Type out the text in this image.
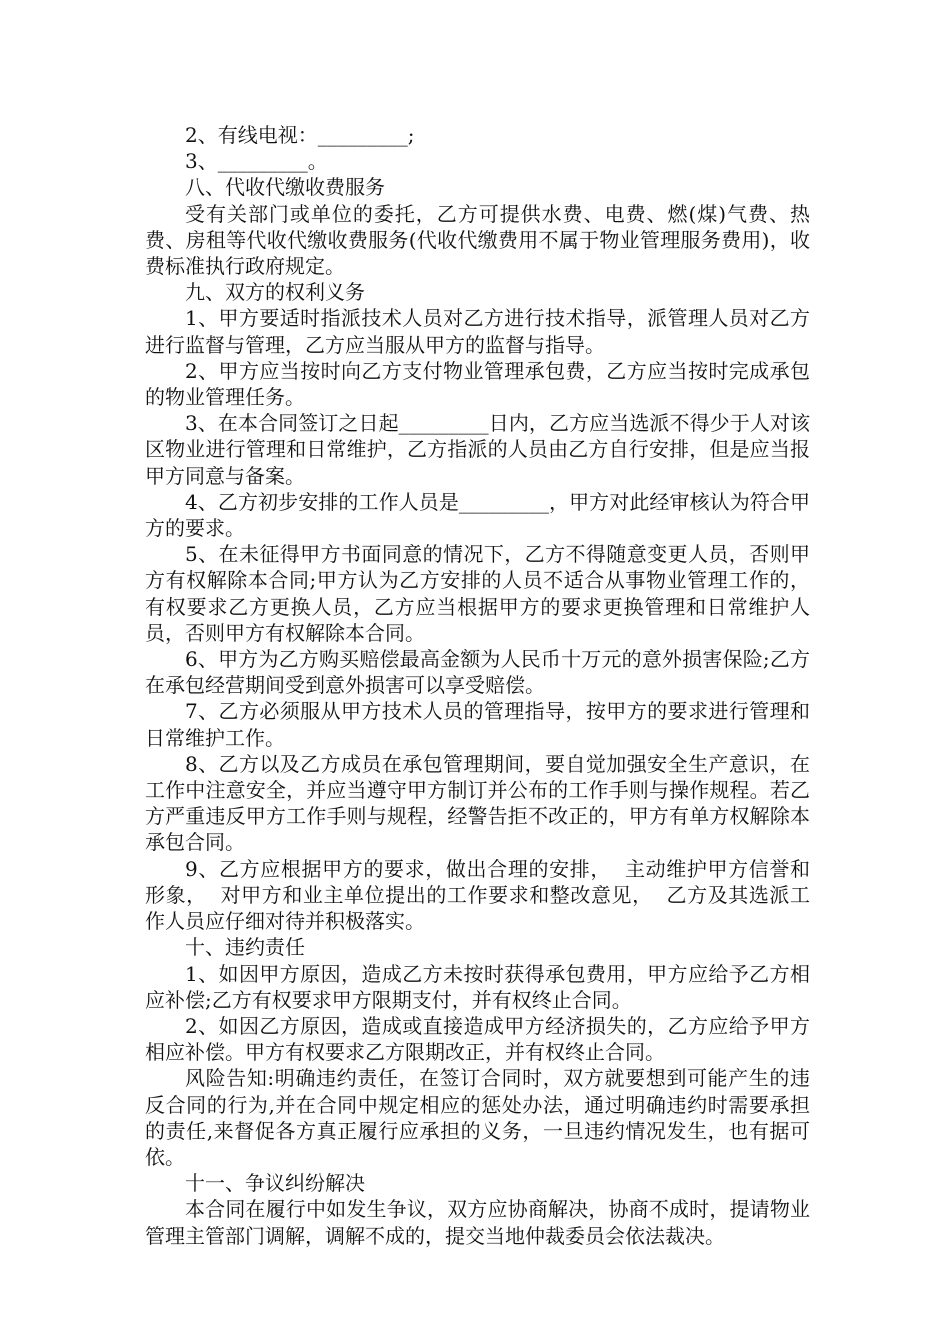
2、有线电视：_________;

3、_________。

八、代收代缴收费服务

受有关部门或单位的委托，乙方可提供水费、电费、燃(煤)气费、热费、房租等代收代缴收费服务(代收代缴费用不属于物业管理服务费用)，收费标准执行政府规定。

九、双方的权利义务

1、甲方要适时指派技术人员对乙方进行技术指导，派管理人员对乙方进行监督与管理，乙方应当服从甲方的监督与指导。

2、甲方应当按时向乙方支付物业管理承包费，乙方应当按时完成承包的物业管理任务。

3、在本合同签订之日起_________日内，乙方应当选派不得少于人对该区物业进行管理和日常维护，乙方指派的人员由乙方自行安排，但是应当报甲方同意与备案。

4、乙方初步安排的工作人员是_________，甲方对此经审核认为符合甲方的要求。

5、在未征得甲方书面同意的情况下，乙方不得随意变更人员，否则甲方有权解除本合同;甲方认为乙方安排的人员不适合从事物业管理工作的，有权要求乙方更换人员，乙方应当根据甲方的要求更换管理和日常维护人员，否则甲方有权解除本合同。

6、甲方为乙方购买赔偿最高金额为人民币十万元的意外损害保险;乙方在承包经营期间受到意外损害可以享受赔偿。

7、乙方必须服从甲方技术人员的管理指导，按甲方的要求进行管理和日常维护工作。

8、乙方以及乙方成员在承包管理期间，要自觉加强安全生产意识，在工作中注意安全，并应当遵守甲方制订并公布的工作手则与操作规程。若乙方严重违反甲方工作手则与规程，经警告拒不改正的，甲方有单方权解除本承包合同。

9、乙方应根据甲方的要求，做出合理的安排，  主动维护甲方信誉和形象，  对甲方和业主单位提出的工作要求和整改意见，  乙方及其选派工作人员应仔细对待并积极落实。

十、违约责任

1、如因甲方原因，造成乙方未按时获得承包费用，甲方应给予乙方相应补偿;乙方有权要求甲方限期支付，并有权终止合同。

2、如因乙方原因，造成或直接造成甲方经济损失的，乙方应给予甲方相应补偿。甲方有权要求乙方限期改正，并有权终止合同。

风险告知:明确违约责任，在签订合同时，双方就要想到可能产生的违反合同的行为,并在合同中规定相应的惩处办法，通过明确违约时需要承担的责任,来督促各方真正履行应承担的义务，一旦违约情况发生，也有据可依。

十一、争议纠纷解决

本合同在履行中如发生争议，双方应协商解决，协商不成时，提请物业管理主管部门调解，调解不成的，提交当地仲裁委员会依法裁决。
